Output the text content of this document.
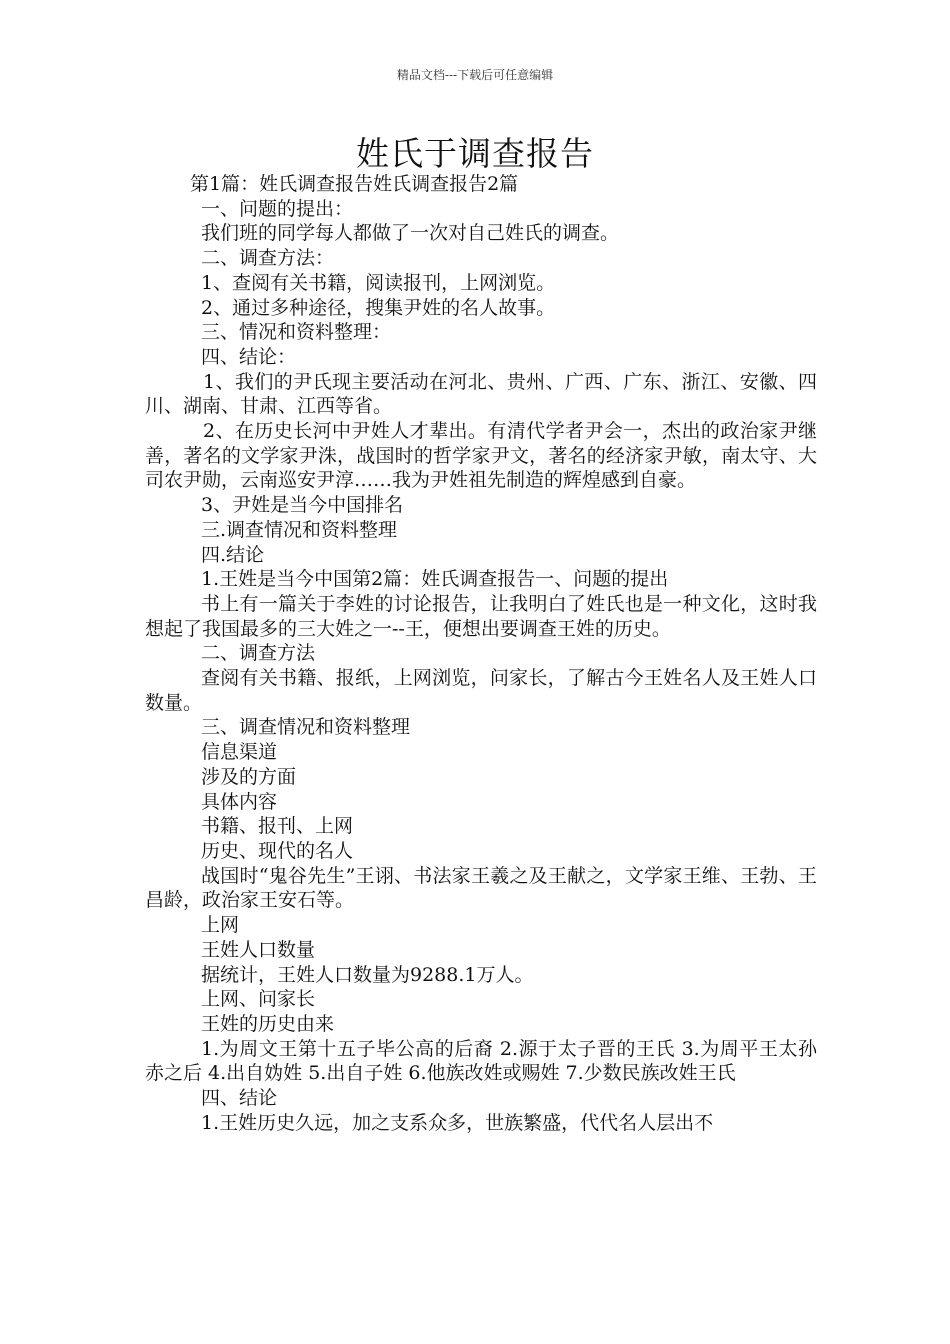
精品文档---下载后可任意编辑
姓氏于调查报告
第1篇：姓氏调查报告姓氏调查报告2篇
一、问题的提出：
我们班的同学每人都做了一次对自己姓氏的调查。
二、调查方法：
1、查阅有关书籍，阅读报刊，上网浏览。
2、通过多种途径，搜集尹姓的名人故事。
三、情况和资料整理：
四、结论：
1、我们的尹氏现主要活动在河北、贵州、广西、广东、浙江、安徽、四川、湖南、甘肃、江西等省。
2、在历史长河中尹姓人才辈出。有清代学者尹会一，杰出的政治家尹继善，著名的文学家尹洙，战国时的哲学家尹文，著名的经济家尹敏，南太守、大司农尹勋，云南巡安尹淳……我为尹姓祖先制造的辉煌感到自豪。
3、尹姓是当今中国排名
三.调查情况和资料整理
四.结论
1.王姓是当今中国第2篇：姓氏调查报告一、问题的提出
书上有一篇关于李姓的讨论报告，让我明白了姓氏也是一种文化，这时我想起了我国最多的三大姓之一--王，便想出要调查王姓的历史。
二、调查方法
查阅有关书籍、报纸，上网浏览，问家长，了解古今王姓名人及王姓人口数量。
三、调查情况和资料整理
信息渠道
涉及的方面
具体内容
书籍、报刊、上网
历史、现代的名人
战国时“鬼谷先生”王诩、书法家王羲之及王献之，文学家王维、王勃、王昌龄，政治家王安石等。
上网
王姓人口数量
据统计，王姓人口数量为9288.1万人。
上网、问家长
王姓的历史由来
1.为周文王第十五子毕公高的后裔 2.源于太子晋的王氏 3.为周平王太孙赤之后 4.出自妫姓 5.出自子姓 6.他族改姓或赐姓 7.少数民族改姓王氏
四、结论
1.王姓历史久远，加之支系众多，世族繁盛，代代名人层出不
